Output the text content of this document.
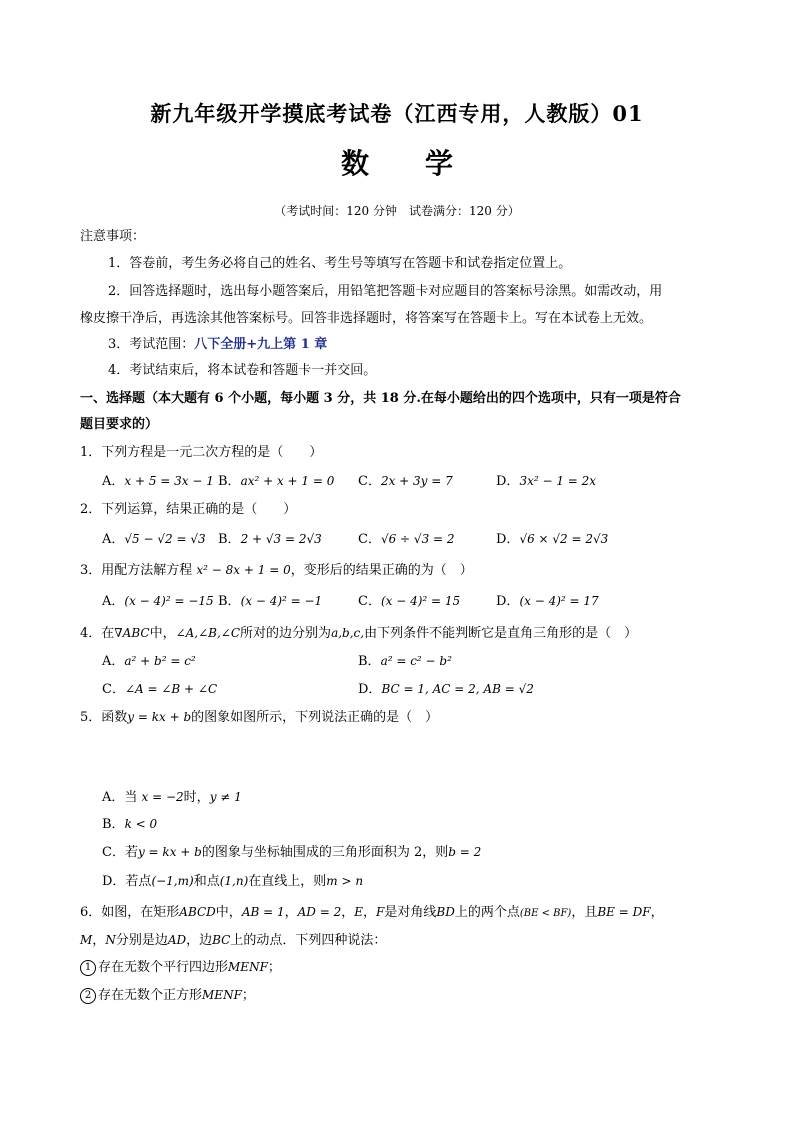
新九年级开学摸底考试卷（江西专用，人教版）01
数学
（考试时间：120 分钟　试卷满分：120 分）
注意事项：
1．答卷前，考生务必将自己的姓名、考生号等填写在答题卡和试卷指定位置上。
2．回答选择题时，选出每小题答案后，用铅笔把答题卡对应题目的答案标号涂黑。如需改动，用
橡皮擦干净后，再选涂其他答案标号。回答非选择题时，将答案写在答题卡上。写在本试卷上无效。
3．考试范围：八下全册+九上第 1 章
4．考试结束后，将本试卷和答题卡一并交回。
一、选择题（本大题有 6 个小题，每小题 3 分，共 18 分.在每小题给出的四个选项中，只有一项是符合
题目要求的）
1．下列方程是一元二次方程的是（　　）
A．x + 5 = 3x − 1 B．ax² + x + 1 = 0 C．2x + 3y = 7	D．3x² − 1 = 2x
2．下列运算，结果正确的是（　　）
A．√5 − √2 = √3 B．2 + √3 = 2√3	C．√6 ÷ √3 = 2	D．√6 × √2 = 2√3
3．用配方法解方程 x² − 8x + 1 = 0，变形后的结果正确的为（　）
A．(x − 4)² = −15 B．(x − 4)² = −1	C．(x − 4)² = 15	D．(x − 4)² = 17
4．在∇ABC中，∠A,∠B,∠C所对的边分别为a,b,c,由下列条件不能判断它是直角三角形的是（　）
A．a² + b² = c²	B．a² = c² − b²
C．∠A = ∠B + ∠C	D．BC = 1, AC = 2, AB = √2
5．函数y = kx + b的图象如图所示，下列说法正确的是（　）
A．当 x = −2时，y ≠ 1
B．k < 0
C．若y = kx + b的图象与坐标轴围成的三角形面积为 2，则b = 2
D．若点(−1,m)和点(1,n)在直线上，则m > n
6．如图，在矩形ABCD中，AB = 1，AD = 2，E，F是对角线BD上的两个点(BE < BF)，且BE = DF，
M，N分别是边AD，边BC上的动点．下列四种说法：
1 存在无数个平行四边形MENF；
2 存在无数个正方形MENF；
